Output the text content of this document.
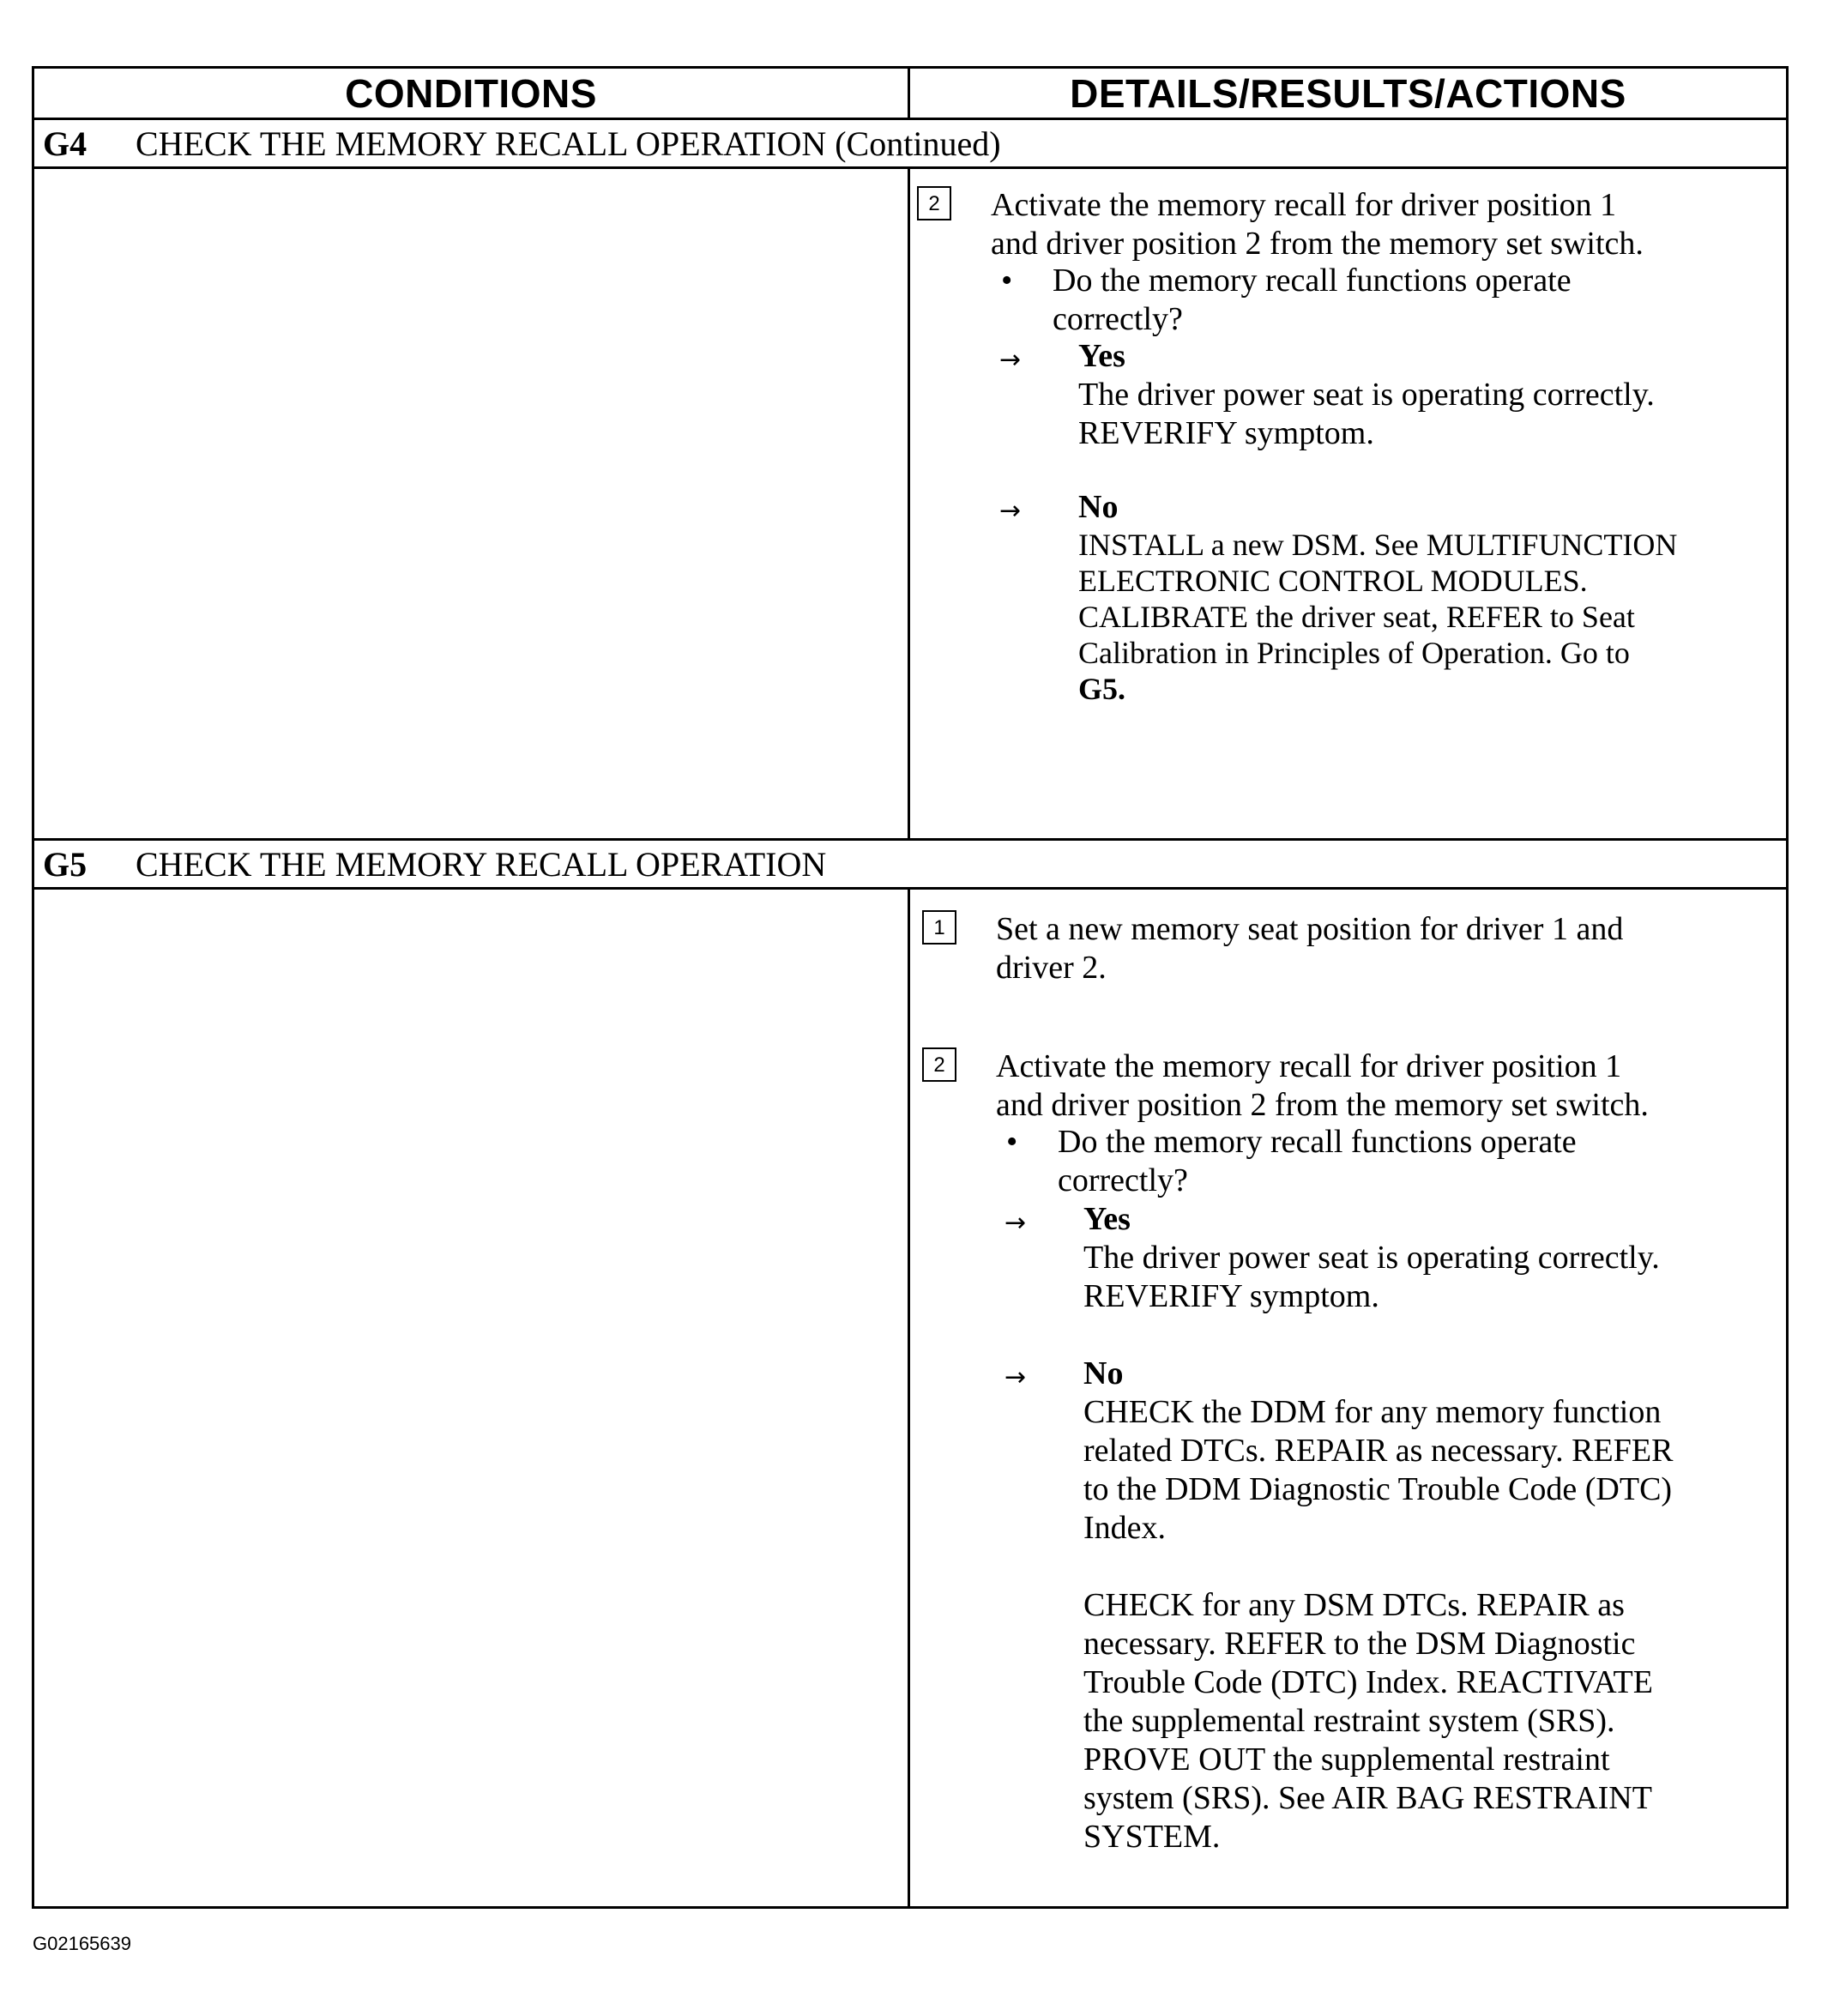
CONDITIONS	DETAILS/RESULTS/ACTIONS
G4	CHECK THE MEMORY RECALL OPERATION (Continued)
2	Activate the memory recall for driver position 1
and driver position 2 from the memory set switch.
• Do the memory recall functions operate
correctly?
→ Yes
The driver power seat is operating correctly.
REVERIFY symptom.
→ No
INSTALL a new DSM. See MULTIFUNCTION
ELECTRONIC CONTROL MODULES.
CALIBRATE the driver seat, REFER to Seat
Calibration in Principles of Operation. Go to
G5.
G5	CHECK THE MEMORY RECALL OPERATION
1	Set a new memory seat position for driver 1 and
driver 2.
2	Activate the memory recall for driver position 1
and driver position 2 from the memory set switch.
• Do the memory recall functions operate
correctly?
→ Yes
The driver power seat is operating correctly.
REVERIFY symptom.
→ No
CHECK the DDM for any memory function
related DTCs. REPAIR as necessary. REFER
to the DDM Diagnostic Trouble Code (DTC)
Index.
CHECK for any DSM DTCs. REPAIR as
necessary. REFER to the DSM Diagnostic
Trouble Code (DTC) Index. REACTIVATE
the supplemental restraint system (SRS).
PROVE OUT the supplemental restraint
system (SRS). See AIR BAG RESTRAINT
SYSTEM.
G02165639
